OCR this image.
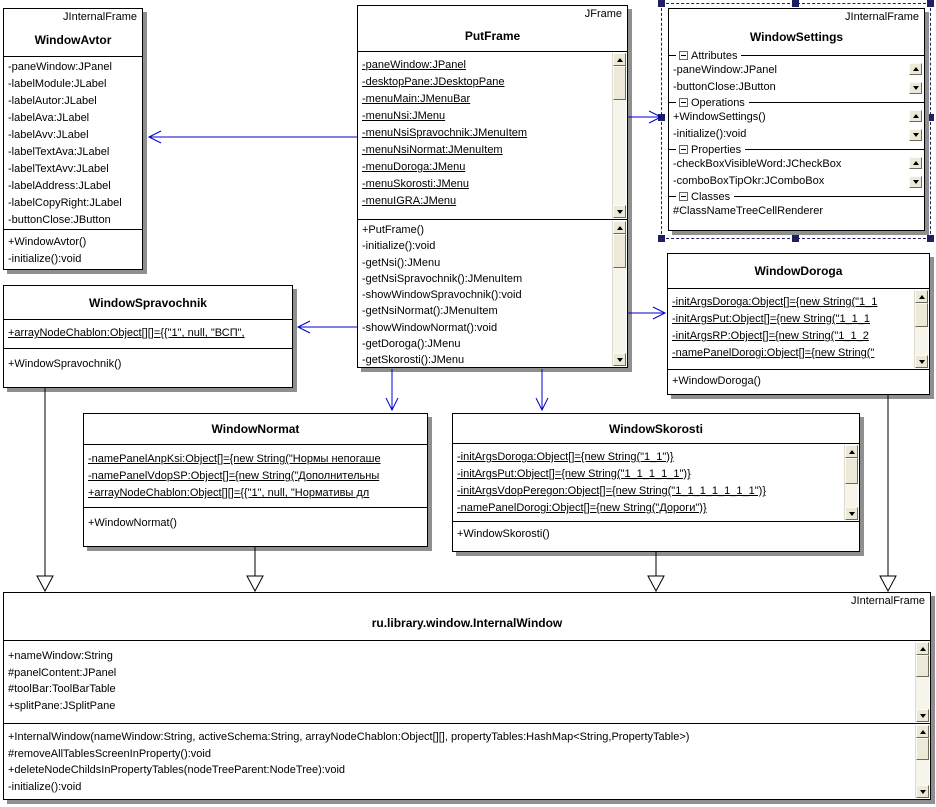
JInternalFrame
WindowAvtor
-paneWindow:JPanel
-labelModule:JLabel
-labelAutor:JLabel
-labelAva:JLabel
-labelAvv:JLabel
-labelTextAva:JLabel
-labelTextAvv:JLabel
-labelAddress:JLabel
-labelCopyRight:JLabel
-buttonClose:JButton
+WindowAvtor()
-initialize():void
JFrame
PutFrame
-paneWindow:JPanel
-desktopPane:JDesktopPane
-menuMain:JMenuBar
-menuNsi:JMenu
-menuNsiSpravochnik:JMenuItem
-menuNsiNormat:JMenuItem
-menuDoroga:JMenu
-menuSkorosti:JMenu
-menuIGRA:JMenu
+PutFrame()
-initialize():void
-getNsi():JMenu
-getNsiSpravochnik():JMenuItem
-showWindowSpravochnik():void
-getNsiNormat():JMenuItem
-showWindowNormat():void
-getDoroga():JMenu
-getSkorosti():JMenu
JInternalFrame
WindowSettings
Attributes
-paneWindow:JPanel
-buttonClose:JButton
Operations
+WindowSettings()
-initialize():void
Properties
-checkBoxVisibleWord:JCheckBox
-comboBoxTipOkr:JComboBox
Classes
#ClassNameTreeCellRenderer
WindowDoroga
-initArgsDoroga:Object[]={new String("1_1
-initArgsPut:Object[]={new String("1_1_1
-initArgsRP:Object[]={new String("1_1_2
-namePanelDorogi:Object[]={new String("
+WindowDoroga()
WindowSpravochnik
+arrayNodeChablon:Object[][]={{"1", null, "ВСП",
+WindowSpravochnik()
WindowNormat
-namePanelAnpKsi:Object[]={new String("Нормы непогаше
-namePanelVdopSP:Object[]={new String("Дополнительны
+arrayNodeChablon:Object[][]={{"1", null, "Нормативы дл
+WindowNormat()
WindowSkorosti
-initArgsDoroga:Object[]={new String("1_1")}
-initArgsPut:Object[]={new String("1_1_1_1_1")}
-initArgsVdopPeregon:Object[]={new String("1_1_1_1_1_1_1")}
-namePanelDorogi:Object[]={new String("Дороги")}
+WindowSkorosti()
JInternalFrame
ru.library.window.InternalWindow
+nameWindow:String
#panelContent:JPanel
#toolBar:ToolBarTable
+splitPane:JSplitPane
+InternalWindow(nameWindow:String, activeSchema:String, arrayNodeChablon:Object[][], propertyTables:HashMap<String,PropertyTable>)
#removeAllTablesScreenInProperty():void
+deleteNodeChildsInPropertyTables(nodeTreeParent:NodeTree):void
-initialize():void
